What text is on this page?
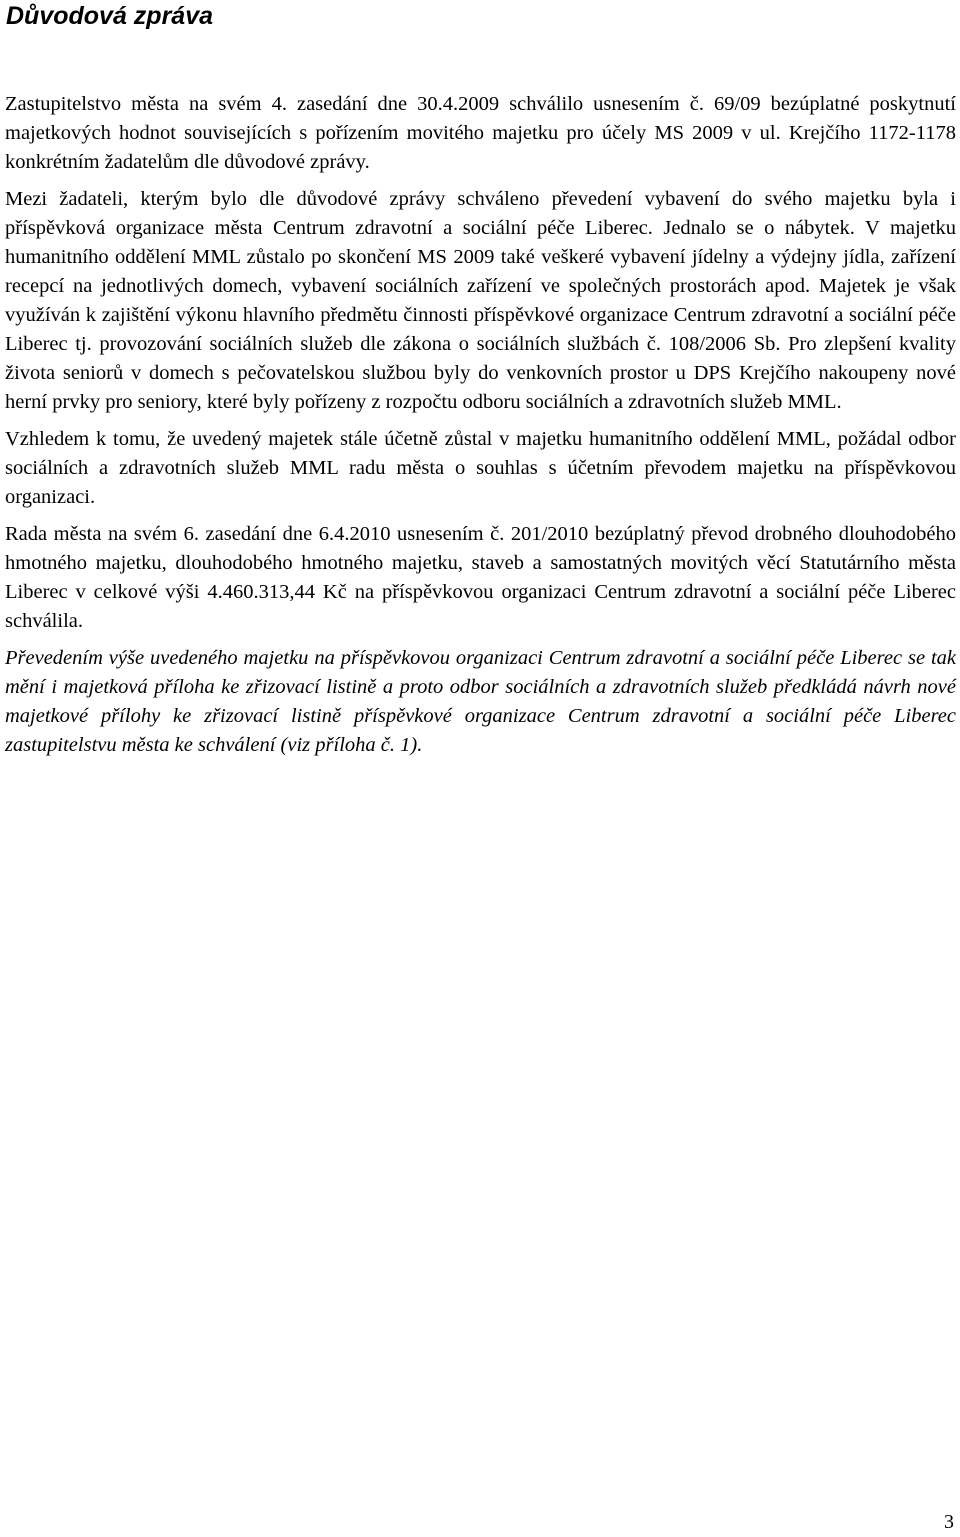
Důvodová zpráva

Zastupitelstvo města na svém 4. zasedání dne 30.4.2009 schválilo usnesením č. 69/09 bezúplatné poskytnutí majetkových hodnot souvisejících s pořízením movitého majetku pro účely MS 2009 v ul. Krejčího 1172-1178 konkrétním žadatelům dle důvodové zprávy.

Mezi žadateli, kterým bylo dle důvodové zprávy schváleno převedení vybavení do svého majetku byla i příspěvková organizace města Centrum zdravotní a sociální péče Liberec. Jednalo se o nábytek. V majetku humanitního oddělení MML zůstalo po skončení MS 2009 také veškeré vybavení jídelny a výdejny jídla, zařízení recepcí na jednotlivých domech, vybavení sociálních zařízení ve společných prostorách apod. Majetek je však využíván k zajištění výkonu hlavního předmětu činnosti příspěvkové organizace Centrum zdravotní a sociální péče Liberec tj. provozování sociálních služeb dle zákona o sociálních službách č. 108/2006 Sb. Pro zlepšení kvality života seniorů v domech s pečovatelskou službou byly do venkovních prostor u DPS Krejčího nakoupeny nové herní prvky pro seniory, které byly pořízeny z rozpočtu odboru sociálních a zdravotních služeb MML.

Vzhledem k tomu, že uvedený majetek stále účetně zůstal v majetku humanitního oddělení MML, požádal odbor sociálních a zdravotních služeb MML radu města o souhlas s účetním převodem majetku na příspěvkovou organizaci.

Rada města na svém 6. zasedání dne 6.4.2010 usnesením č. 201/2010 bezúplatný převod drobného dlouhodobého hmotného majetku, dlouhodobého hmotného majetku, staveb a samostatných movitých věcí Statutárního města Liberec v celkové výši 4.460.313,44 Kč na příspěvkovou organizaci Centrum zdravotní a sociální péče Liberec schválila.

Převedením výše uvedeného majetku na příspěvkovou organizaci Centrum zdravotní a sociální péče Liberec se tak mění i majetková příloha ke zřizovací listině a proto odbor sociálních a zdravotních služeb předkládá návrh nové majetkové přílohy ke zřizovací listině příspěvkové organizace Centrum zdravotní a sociální péče Liberec zastupitelstvu města ke schválení (viz příloha č. 1).

3
